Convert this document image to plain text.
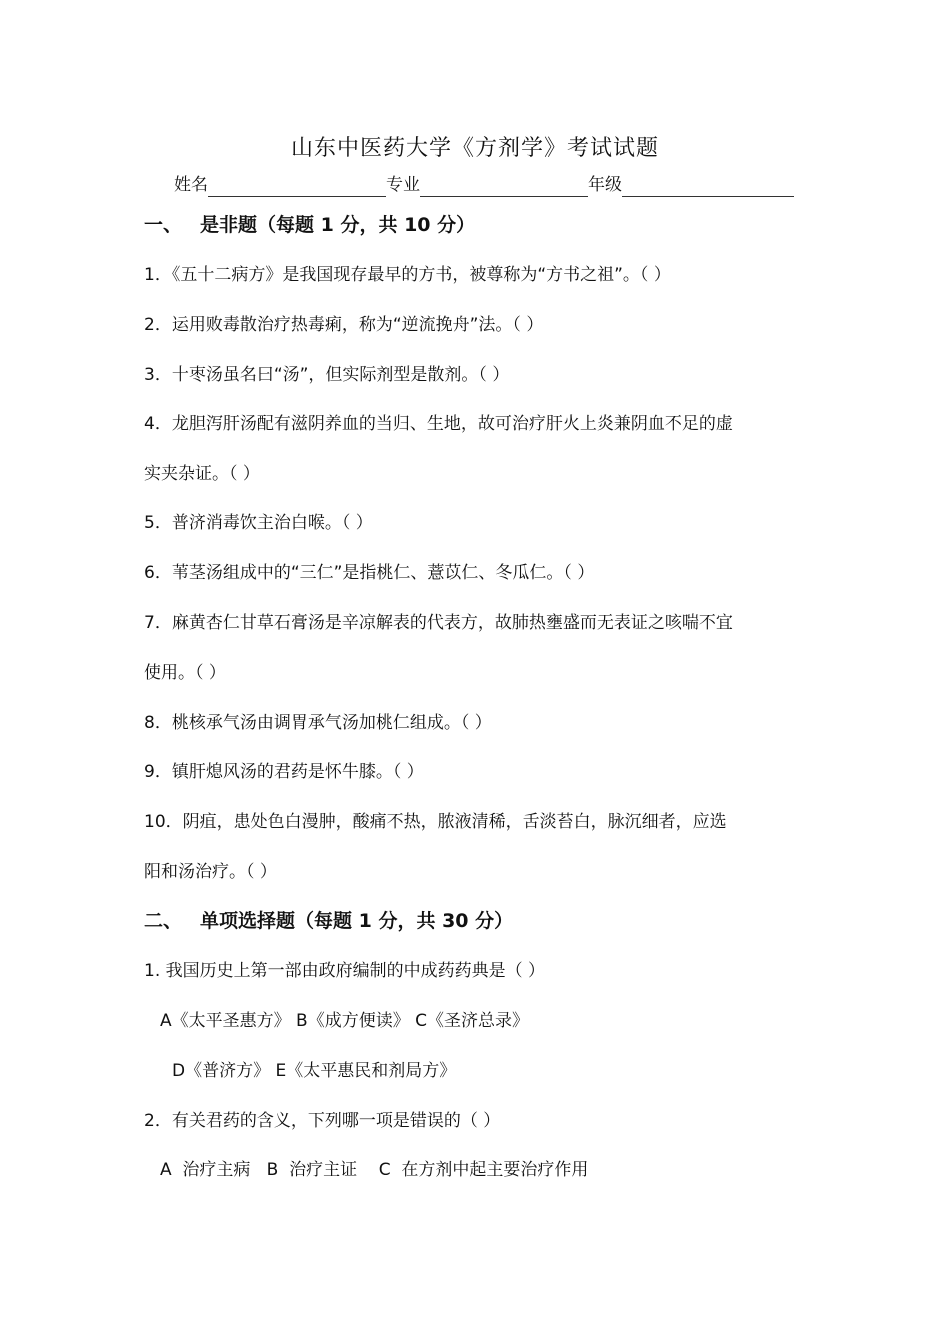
山东中医药大学《方剂学》考试试题
姓名	专业	年级
一、 是非题（每题 1 分，共 10 分）
1．《五十二病方》是我国现存最早的方书，被尊称为“方书之祖”。（ ）
2．运用败毒散治疗热毒痢，称为“逆流挽舟”法。（ ）
3．十枣汤虽名曰“汤”，但实际剂型是散剂。（ ）
4．龙胆泻肝汤配有滋阴养血的当归、生地，故可治疗肝火上炎兼阴血不足的虚
实夹杂证。（ ）
5．普济消毒饮主治白喉。（ ）
6．苇茎汤组成中的“三仁”是指桃仁、薏苡仁、冬瓜仁。（ ）
7．麻黄杏仁甘草石膏汤是辛凉解表的代表方，故肺热壅盛而无表证之咳喘不宜
使用。（ ）
8．桃核承气汤由调胃承气汤加桃仁组成。（ ）
9．镇肝熄风汤的君药是怀牛膝。（ ）
10．阴疽，患处色白漫肿，酸痛不热，脓液清稀，舌淡苔白，脉沉细者，应选
阳和汤治疗。（ ）
二、 单项选择题（每题 1 分，共 30 分）
1. 我国历史上第一部由政府编制的中成药药典是（ ）
A《太平圣惠方》 B《成方便读》 C《圣济总录》
D《普济方》 E《太平惠民和剂局方》
2．有关君药的含义，下列哪一项是错误的（ ）
A  治疗主病   B  治疗主证    C  在方剂中起主要治疗作用
